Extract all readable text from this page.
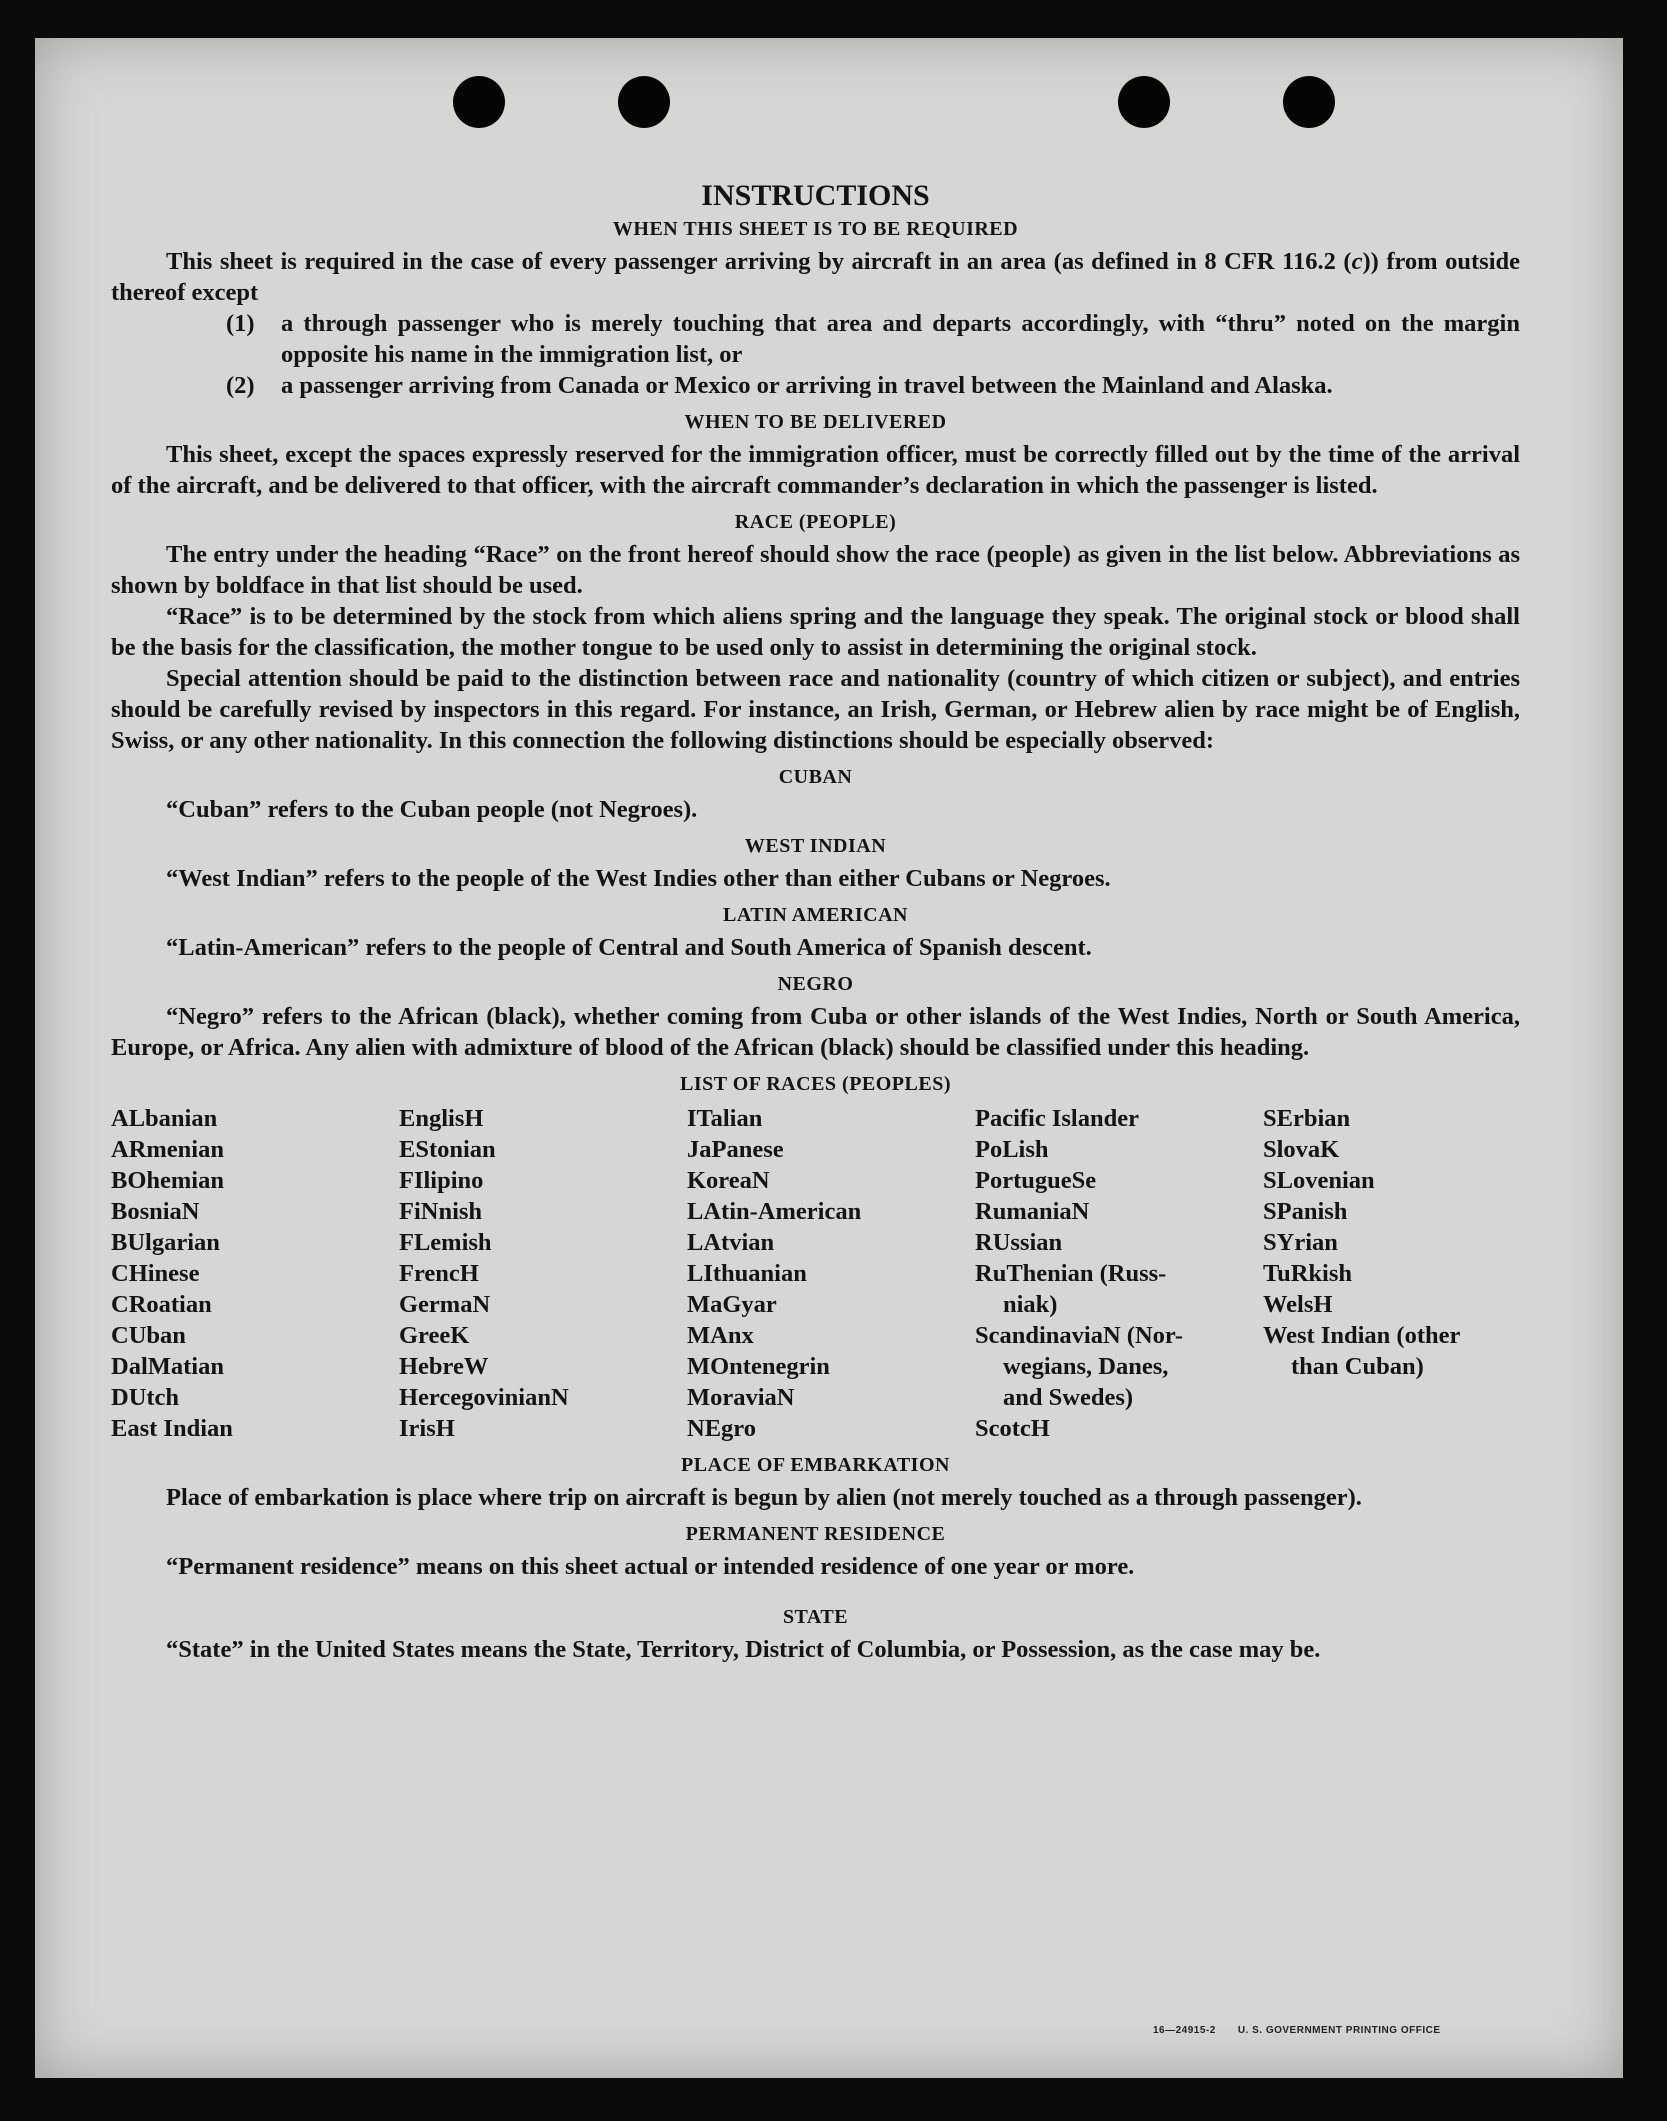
INSTRUCTIONS
WHEN THIS SHEET IS TO BE REQUIRED

This sheet is required in the case of every passenger arriving by aircraft in an area (as defined in 8 CFR 116.2 (c)) from outside thereof except

(1)	a through passenger who is merely touching that area and departs accordingly, with “thru” noted on the margin opposite his name in the immigration list, or
(2)	a passenger arriving from Canada or Mexico or arriving in travel between the Mainland and Alaska.
WHEN TO BE DELIVERED

This sheet, except the spaces expressly reserved for the immigration officer, must be correctly filled out by the time of the arrival of the aircraft, and be delivered to that officer, with the aircraft commander’s declaration in which the passenger is listed.

RACE (PEOPLE)

The entry under the heading “Race” on the front hereof should show the race (people) as given in the list below. Abbreviations as shown by boldface in that list should be used.

“Race” is to be determined by the stock from which aliens spring and the language they speak. The original stock or blood shall be the basis for the classification, the mother tongue to be used only to assist in determining the original stock.

Special attention should be paid to the distinction between race and nationality (country of which citizen or subject), and entries should be carefully revised by inspectors in this regard. For instance, an Irish, German, or Hebrew alien by race might be of English, Swiss, or any other nationality. In this connection the following distinctions should be especially observed:

CUBAN

“Cuban” refers to the Cuban people (not Negroes).

WEST INDIAN

“West Indian” refers to the people of the West Indies other than either Cubans or Negroes.

LATIN AMERICAN

“Latin-American” refers to the people of Central and South America of Spanish descent.

NEGRO

“Negro” refers to the African (black), whether coming from Cuba or other islands of the West Indies, North or South America, Europe, or Africa. Any alien with admixture of blood of the African (black) should be classified under this heading.

LIST OF RACES (PEOPLES)
ALbanian
ARmenian
BOhemian
BosniaN
BUlgarian
CHinese
CRoatian
CUban
DalMatian
DUtch
East Indian
EnglisH
EStonian
FIlipino
FiNnish
FLemish
FrencH
GermaN
GreeK
HebreW
HercegovinianN
IrisH
ITalian
JaPanese
KoreaN
LAtin-American
LAtvian
LIthuanian
MaGyar
MAnx
MOntenegrin
MoraviaN
NEgro
Pacific Islander
PoLish
PortugueSe
RumaniaN
RUssian
RuThenian (Russ-
niak)
ScandinaviaN (Nor-
wegians, Danes,
and Swedes)
ScotcH
SErbian
SlovaK
SLovenian
SPanish
SYrian
TuRkish
WelsH
West Indian (other
than Cuban)
PLACE OF EMBARKATION

Place of embarkation is place where trip on aircraft is begun by alien (not merely touched as a through passenger).

PERMANENT RESIDENCE

“Permanent residence” means on this sheet actual or intended residence of one year or more.

STATE

“State” in the United States means the State, Territory, District of Columbia, or Possession, as the case may be.

16—24915-2 U. S. GOVERNMENT PRINTING OFFICE
